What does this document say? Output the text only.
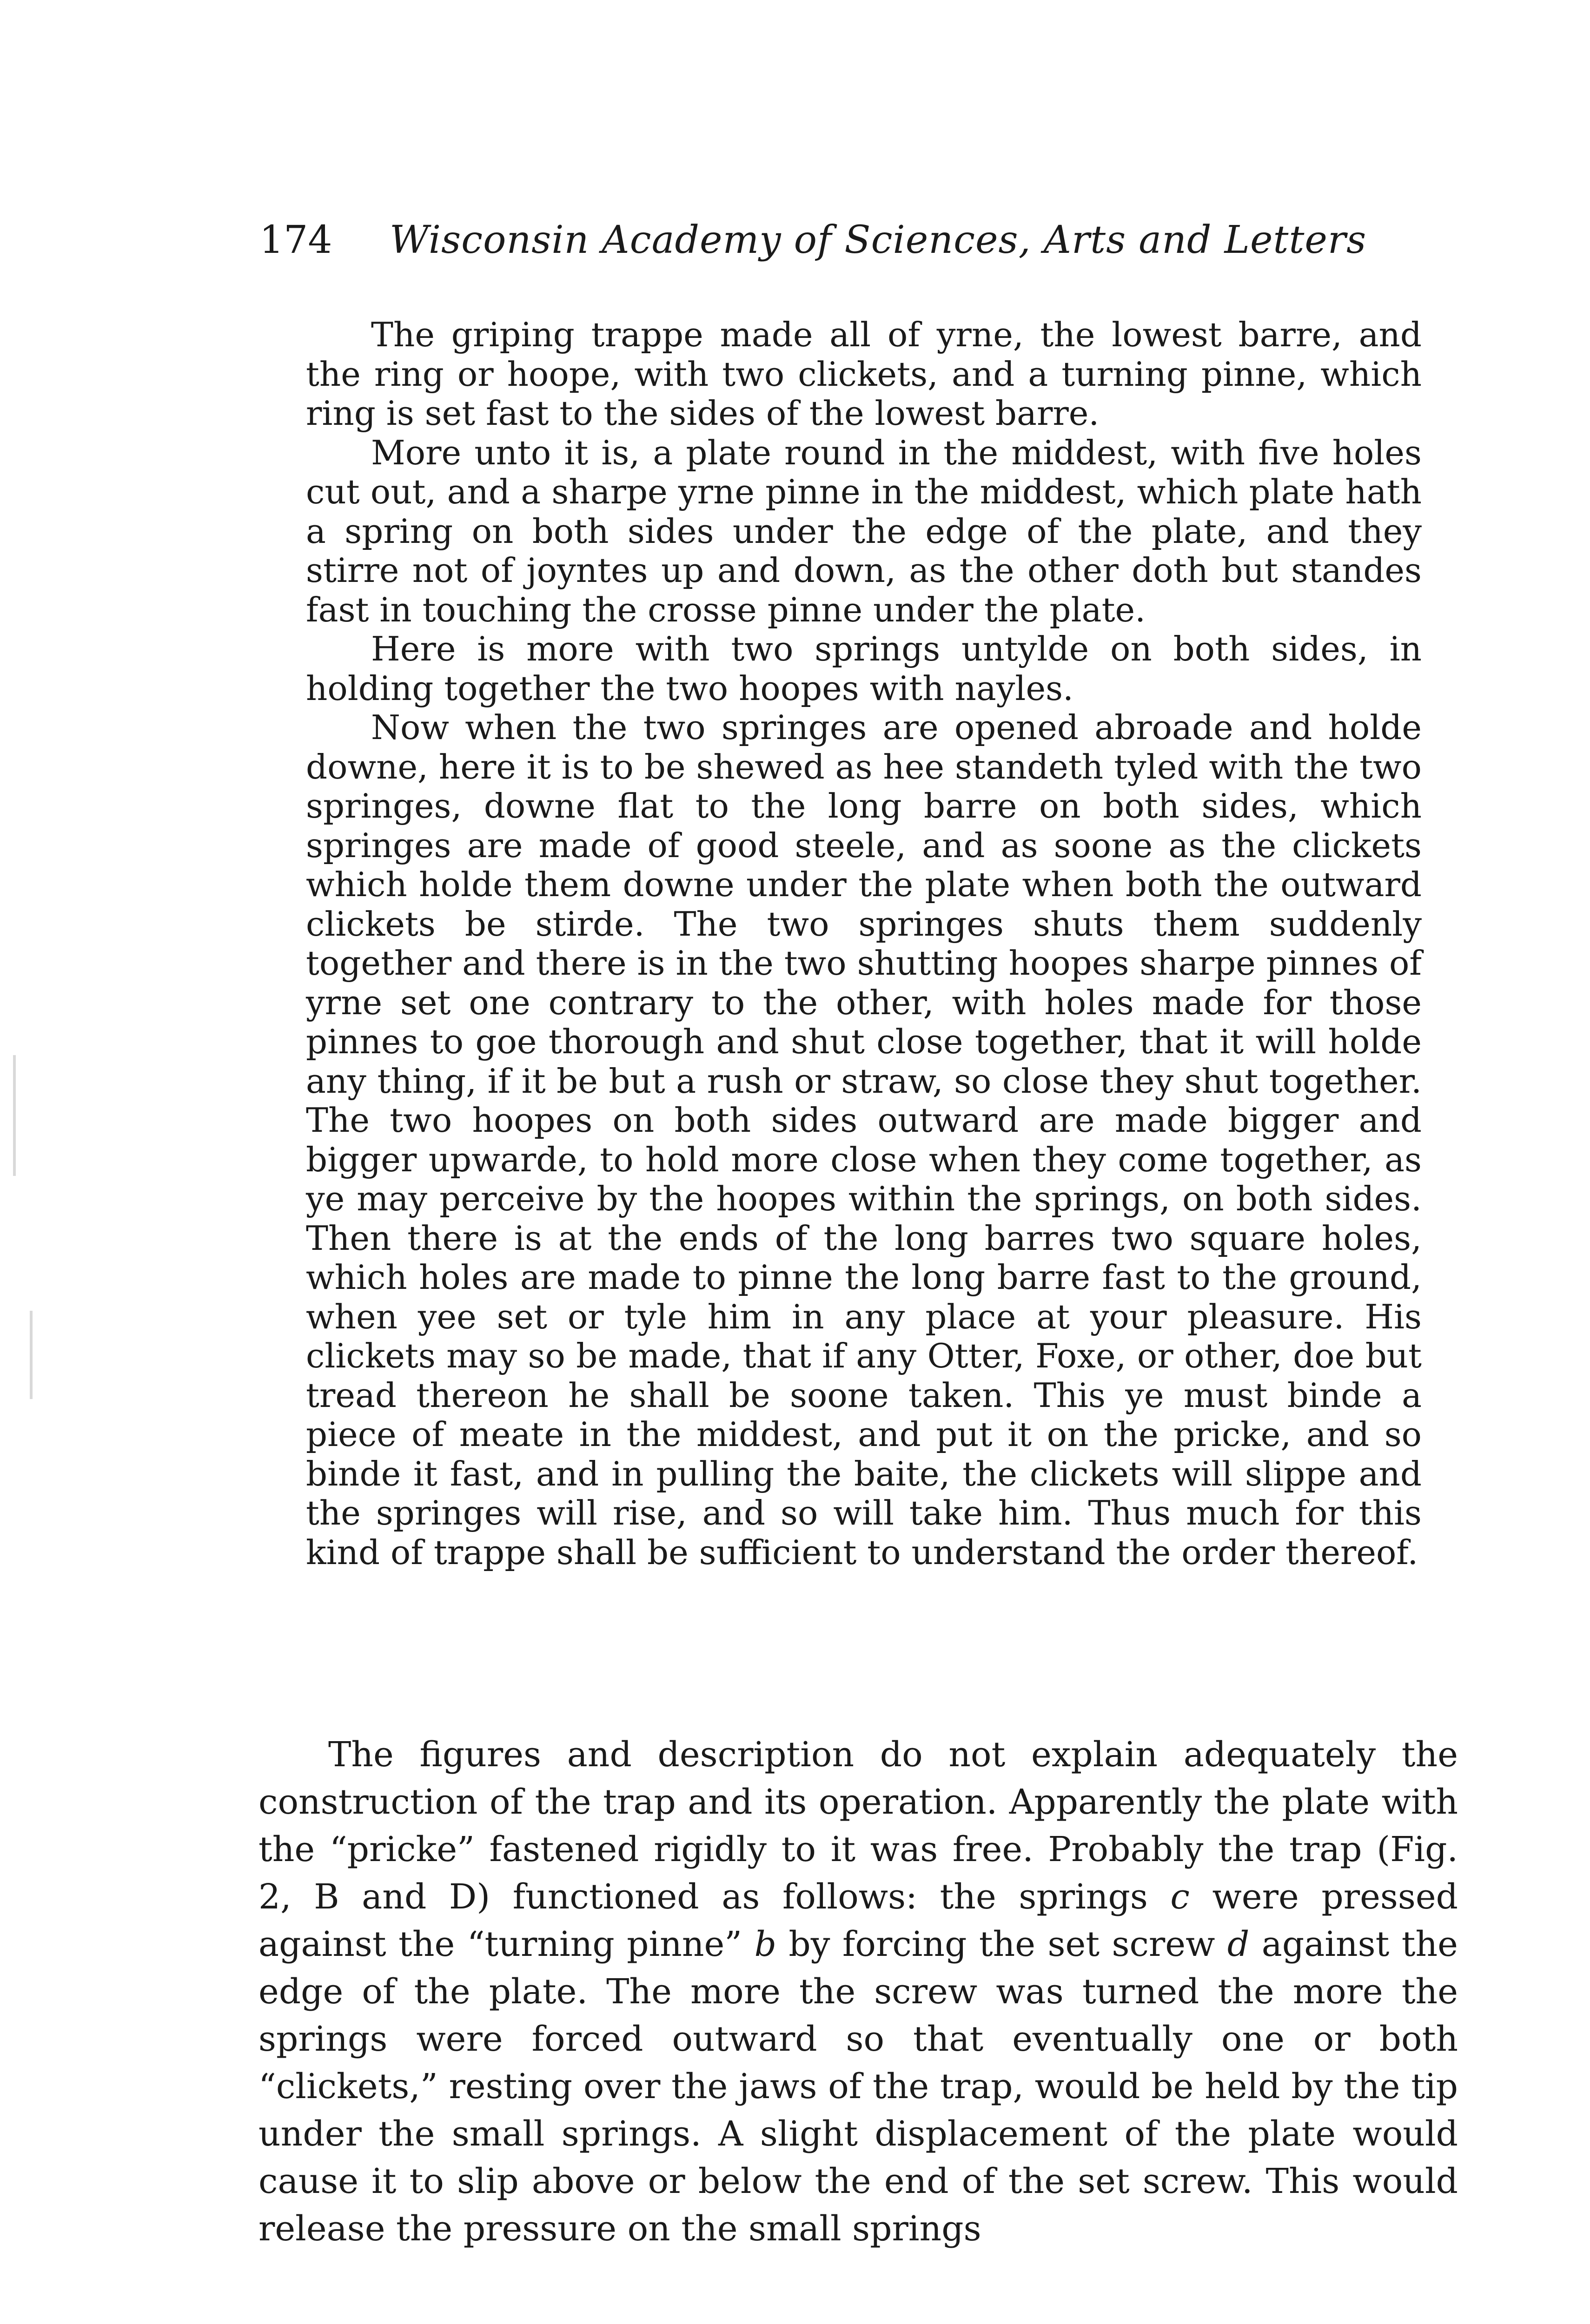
174 Wisconsin Academy of Sciences, Arts and Letters

The griping trappe made all of yrne, the lowest barre, and the ring or hoope, with two clickets, and a turning pinne, which ring is set fast to the sides of the lowest barre.

More unto it is, a plate round in the middest, with five holes cut out, and a sharpe yrne pinne in the middest, which plate hath a spring on both sides under the edge of the plate, and they stirre not of joyntes up and down, as the other doth but standes fast in touching the crosse pinne under the plate.

Here is more with two springs untylde on both sides, in holding together the two hoopes with nayles.

Now when the two springes are opened abroade and holde downe, here it is to be shewed as hee standeth tyled with the two springes, downe flat to the long barre on both sides, which springes are made of good steele, and as soone as the clickets which holde them downe under the plate when both the outward clickets be stirde. The two springes shuts them suddenly together and there is in the two shutting hoopes sharpe pinnes of yrne set one contrary to the other, with holes made for those pinnes to goe thorough and shut close together, that it will holde any thing, if it be but a rush or straw, so close they shut together. The two hoopes on both sides outward are made bigger and bigger upwarde, to hold more close when they come together, as ye may perceive by the hoopes within the springs, on both sides. Then there is at the ends of the long barres two square holes, which holes are made to pinne the long barre fast to the ground, when yee set or tyle him in any place at your pleasure. His clickets may so be made, that if any Otter, Foxe, or other, doe but tread thereon he shall be soone taken. This ye must binde a piece of meate in the middest, and put it on the pricke, and so binde it fast, and in pulling the baite, the clickets will slippe and the springes will rise, and so will take him. Thus much for this kind of trappe shall be sufficient to understand the order thereof.

The figures and description do not explain adequately the construction of the trap and its operation. Apparently the plate with the “pricke” fastened rigidly to it was free. Probably the trap (Fig. 2, B and D) functioned as follows: the springs c were pressed against the “turning pinne” b by forcing the set screw d against the edge of the plate. The more the screw was turned the more the springs were forced outward so that eventually one or both “clickets,” resting over the jaws of the trap, would be held by the tip under the small springs. A slight displacement of the plate would cause it to slip above or below the end of the set screw. This would release the pressure on the small springs
